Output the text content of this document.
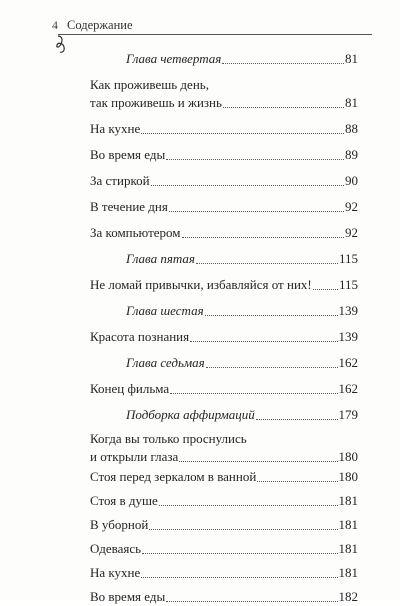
4 Содержание
Глава четвертая	81
Как проживешь день,
так проживешь и жизнь	81
На кухне	88
Во время еды	89
За стиркой	90
В течение дня	92
За компьютером	92
Глава пятая	115
Не ломай привычки, избавляйся от них! 115
Глава шестая	139
Красота познания	139
Глава седьмая	162
Конец фильма	162
Подборка аффирмаций	179
Когда вы только проснулись
и открыли глаза	180
Стоя перед зеркалом в ванной	180
Стоя в душе	181
В уборной	181
Одеваясь	181
На кухне	181
Во время еды	182
